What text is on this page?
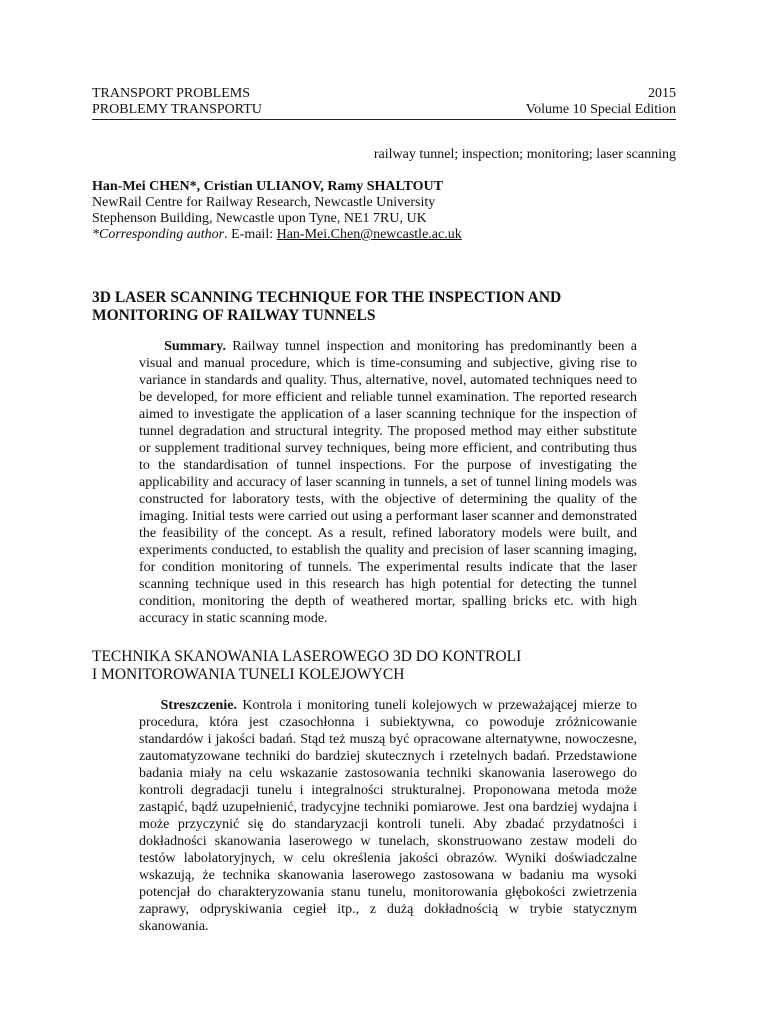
TRANSPORT PROBLEMS	2015
PROBLEMY TRANSPORTU	Volume 10 Special Edition
railway tunnel; inspection; monitoring; laser scanning
Han-Mei CHEN*, Cristian ULIANOV, Ramy SHALTOUT
NewRail Centre for Railway Research, Newcastle University
Stephenson Building, Newcastle upon Tyne, NE1 7RU, UK
*Corresponding author. E-mail: Han-Mei.Chen@newcastle.ac.uk
3D LASER SCANNING TECHNIQUE FOR THE INSPECTION AND
MONITORING OF RAILWAY TUNNELS
Summary. Railway tunnel inspection and monitoring has predominantly been a visual and manual procedure, which is time-consuming and subjective, giving rise to variance in standards and quality. Thus, alternative, novel, automated techniques need to be developed, for more efficient and reliable tunnel examination. The reported research aimed to investigate the application of a laser scanning technique for the inspection of tunnel degradation and structural integrity. The proposed method may either substitute or supplement traditional survey techniques, being more efficient, and contributing thus to the standardisation of tunnel inspections. For the purpose of investigating the applicability and accuracy of laser scanning in tunnels, a set of tunnel lining models was constructed for laboratory tests, with the objective of determining the quality of the imaging. Initial tests were carried out using a performant laser scanner and demonstrated the feasibility of the concept. As a result, refined laboratory models were built, and experiments conducted, to establish the quality and precision of laser scanning imaging, for condition monitoring of tunnels. The experimental results indicate that the laser scanning technique used in this research has high potential for detecting the tunnel condition, monitoring the depth of weathered mortar, spalling bricks etc. with high accuracy in static scanning mode.
TECHNIKA SKANOWANIA LASEROWEGO 3D DO KONTROLI
I MONITOROWANIA TUNELI KOLEJOWYCH
Streszczenie. Kontrola i monitoring tuneli kolejowych w przeważającej mierze to procedura, która jest czasochłonna i subiektywna, co powoduje zróżnicowanie standardów i jakości badań. Stąd też muszą być opracowane alternatywne, nowoczesne, zautomatyzowane techniki do bardziej skutecznych i rzetelnych badań. Przedstawione badania miały na celu wskazanie zastosowania techniki skanowania laserowego do kontroli degradacji tunelu i integralności strukturalnej. Proponowana metoda może zastąpić, bądź uzupełnienić, tradycyjne techniki pomiarowe. Jest ona bardziej wydajna i może przyczynić się do standaryzacji kontroli tuneli. Aby zbadać przydatności i dokładności skanowania laserowego w tunelach, skonstruowano zestaw modeli do testów labolatoryjnych, w celu określenia jakości obrazów. Wyniki doświadczalne wskazują, że technika skanowania laserowego zastosowana w badaniu ma wysoki potencjał do charakteryzowania stanu tunelu, monitorowania głębokości zwietrzenia zaprawy, odpryskiwania cegieł itp., z dużą dokładnością w trybie statycznym skanowania.
